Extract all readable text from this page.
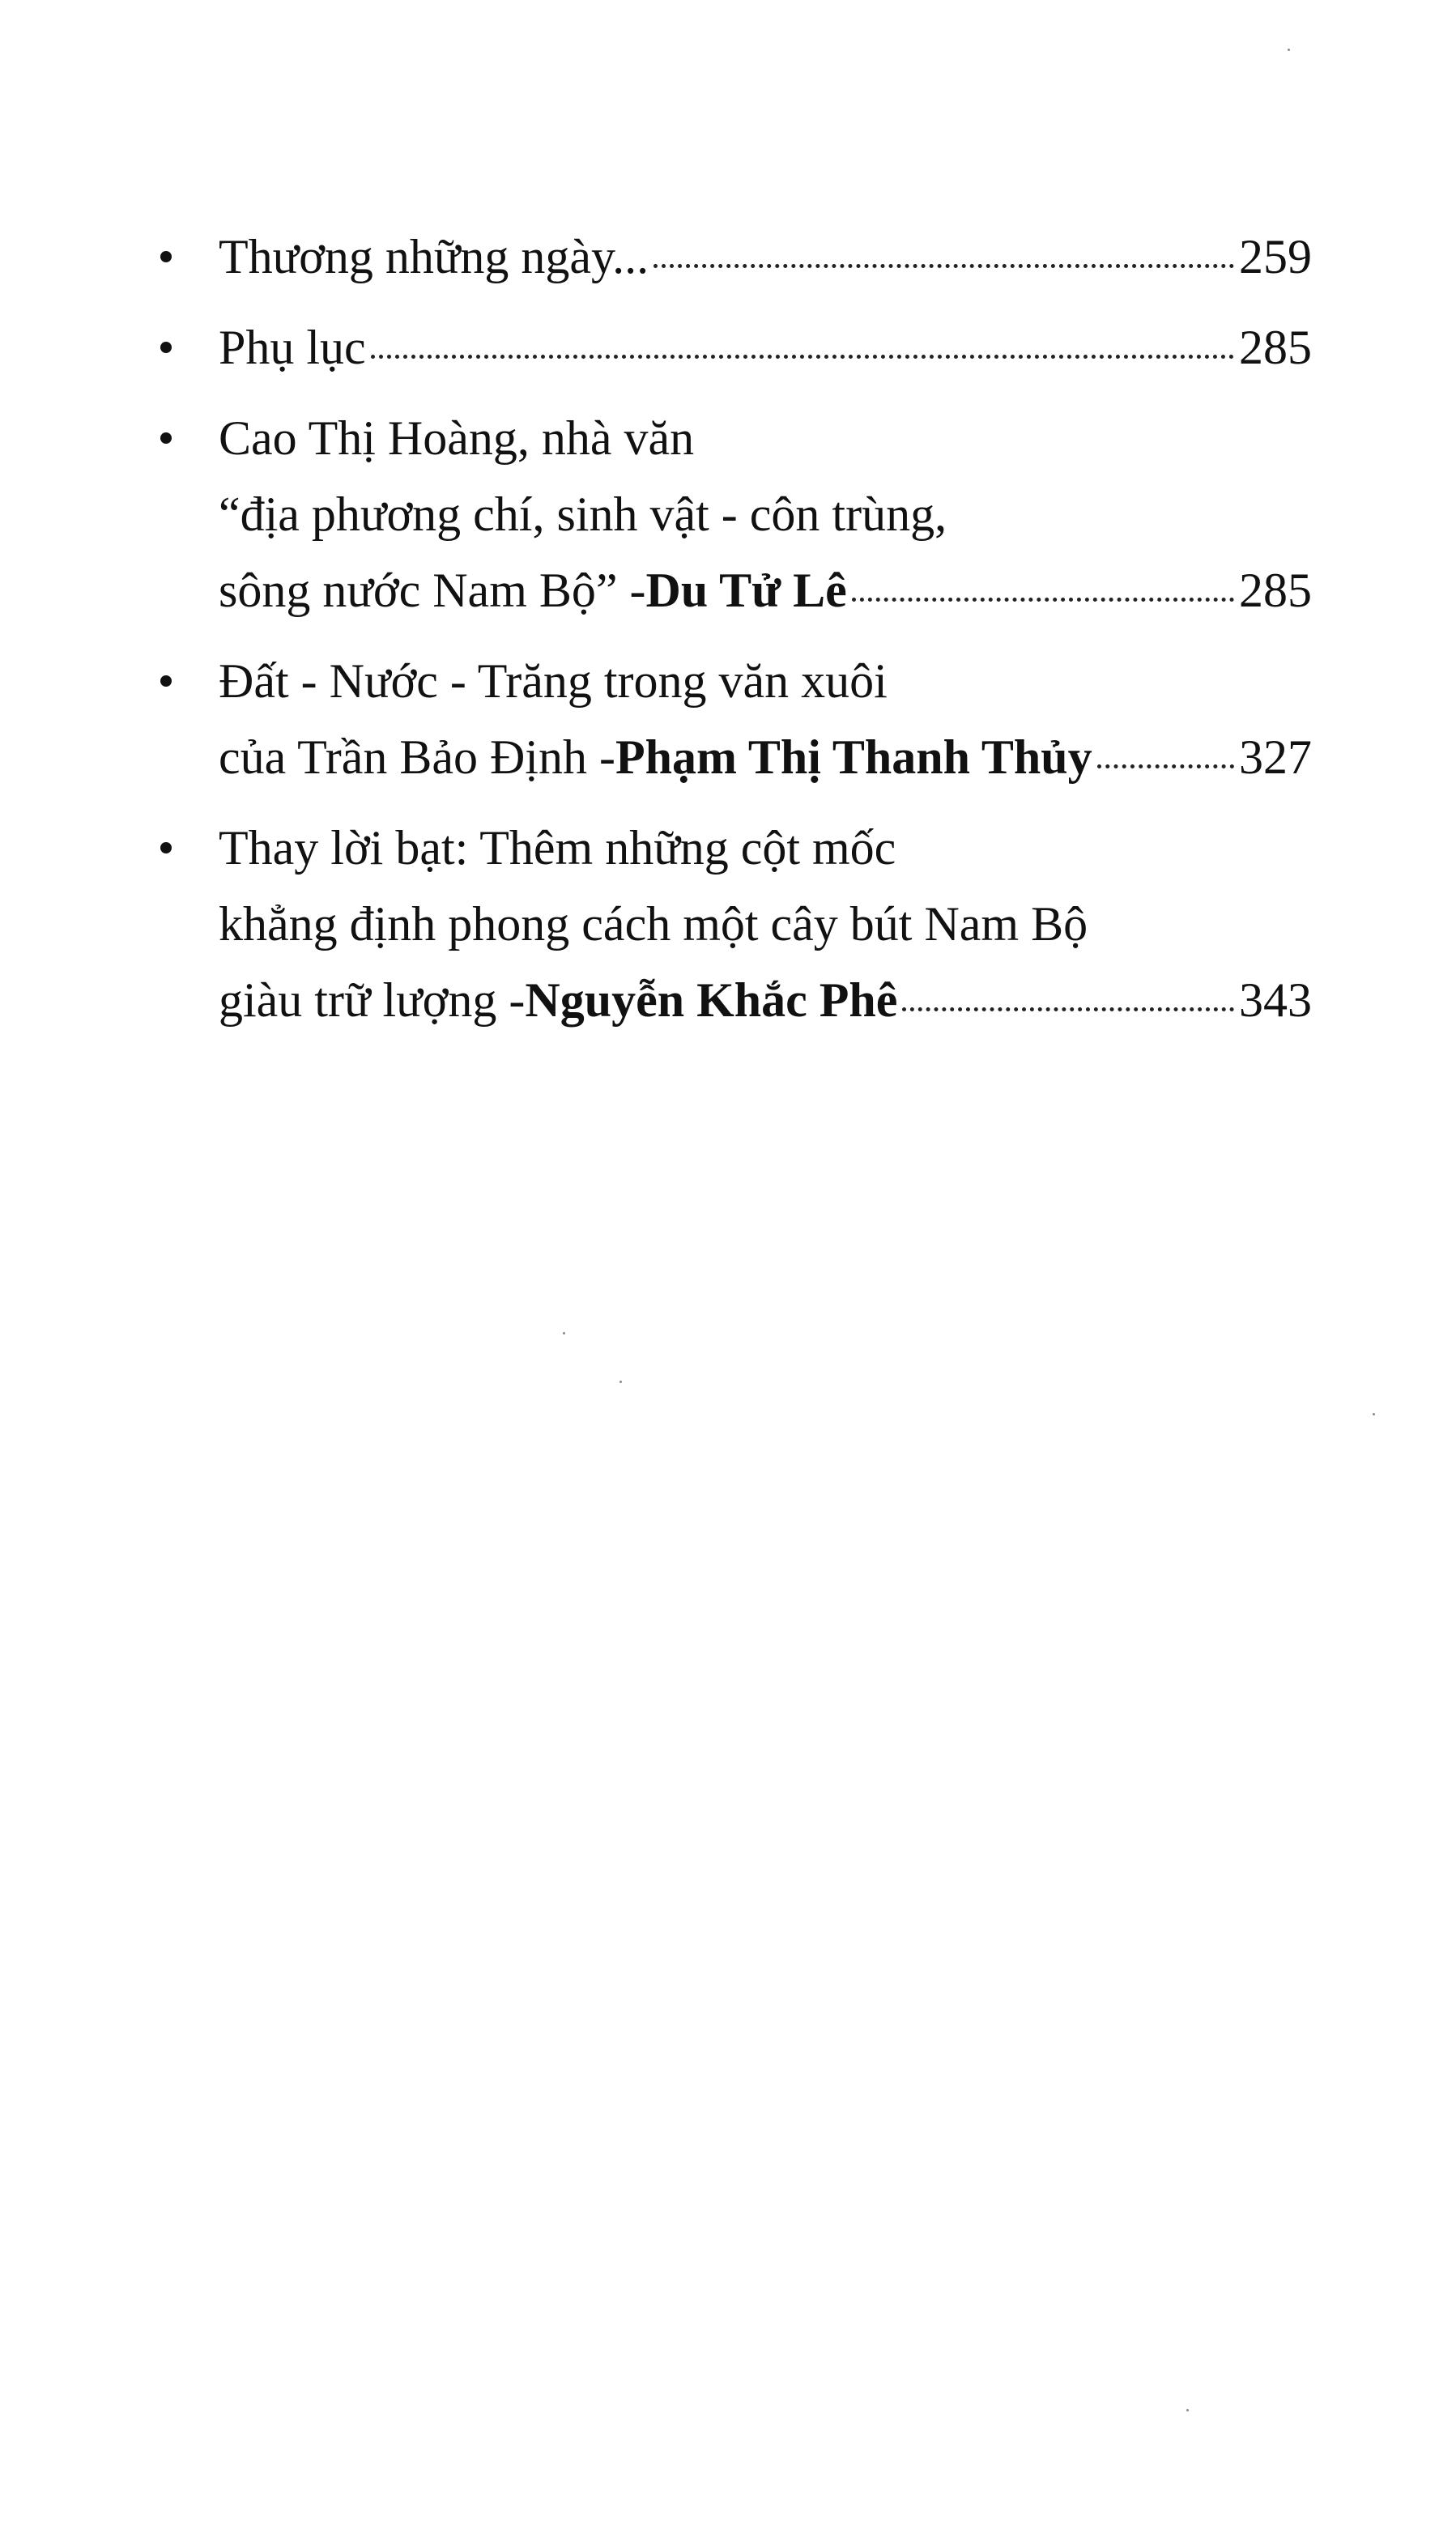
Thương những ngày...	259
Phụ lục	285
Cao Thị Hoàng, nhà văn
“địa phương chí, sinh vật - côn trùng,
sông nước Nam Bộ” - Du Tử Lê	285
Đất - Nước - Trăng trong văn xuôi
của Trần Bảo Định - Phạm Thị Thanh Thủy	327
Thay lời bạt: Thêm những cột mốc
khẳng định phong cách một cây bút Nam Bộ
giàu trữ lượng - Nguyễn Khắc Phê	343
